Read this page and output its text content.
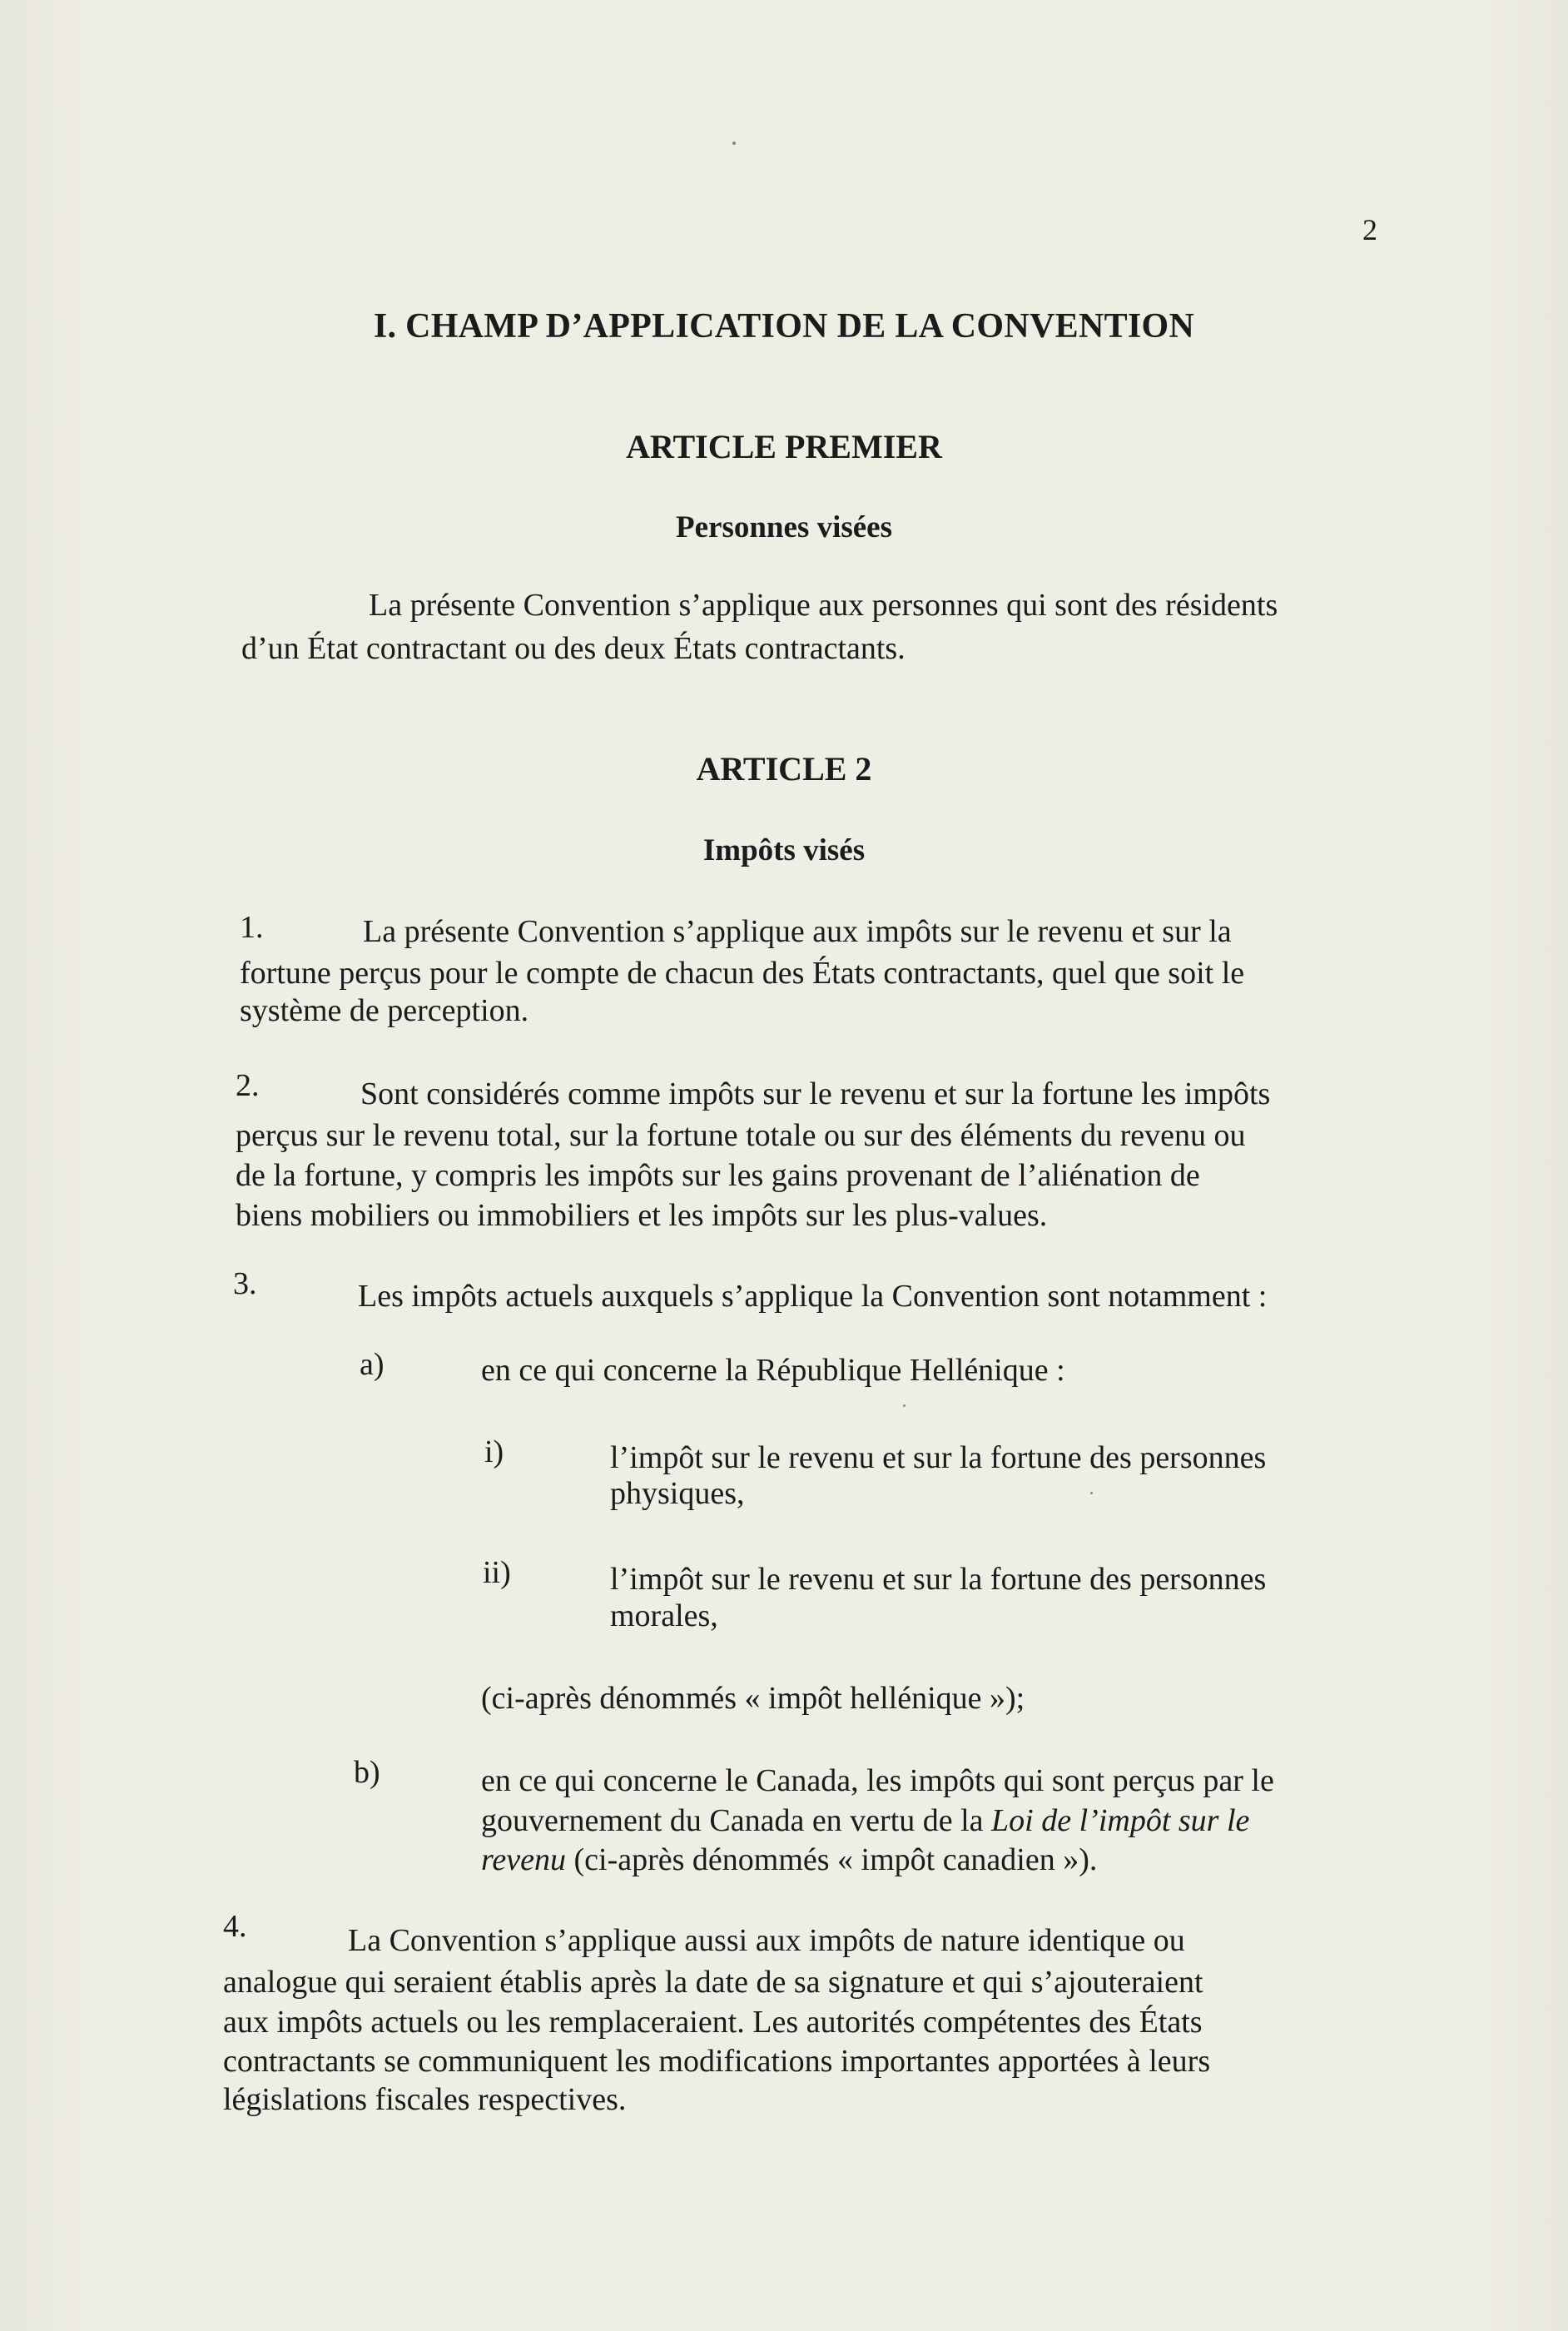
2
I. CHAMP D’APPLICATION DE LA CONVENTION
ARTICLE PREMIER
Personnes visées
La présente Convention s’applique aux personnes qui sont des résidents
d’un État contractant ou des deux États contractants.
ARTICLE 2
Impôts visés
1.	La présente Convention s’applique aux impôts sur le revenu et sur la
fortune perçus pour le compte de chacun des États contractants, quel que soit le
système de perception.
2.	Sont considérés comme impôts sur le revenu et sur la fortune les impôts
perçus sur le revenu total, sur la fortune totale ou sur des éléments du revenu ou
de la fortune, y compris les impôts sur les gains provenant de l’aliénation de
biens mobiliers ou immobiliers et les impôts sur les plus-values.
3.	Les impôts actuels auxquels s’applique la Convention sont notamment :
a)	en ce qui concerne la République Hellénique :
i)	l’impôt sur le revenu et sur la fortune des personnes
physiques,
ii)	l’impôt sur le revenu et sur la fortune des personnes
morales,
(ci-après dénommés « impôt hellénique »);
b)	en ce qui concerne le Canada, les impôts qui sont perçus par le
gouvernement du Canada en vertu de la Loi de l’impôt sur le
revenu (ci-après dénommés « impôt canadien »).
4.	La Convention s’applique aussi aux impôts de nature identique ou
analogue qui seraient établis après la date de sa signature et qui s’ajouteraient
aux impôts actuels ou les remplaceraient. Les autorités compétentes des États
contractants se communiquent les modifications importantes apportées à leurs
législations fiscales respectives.
